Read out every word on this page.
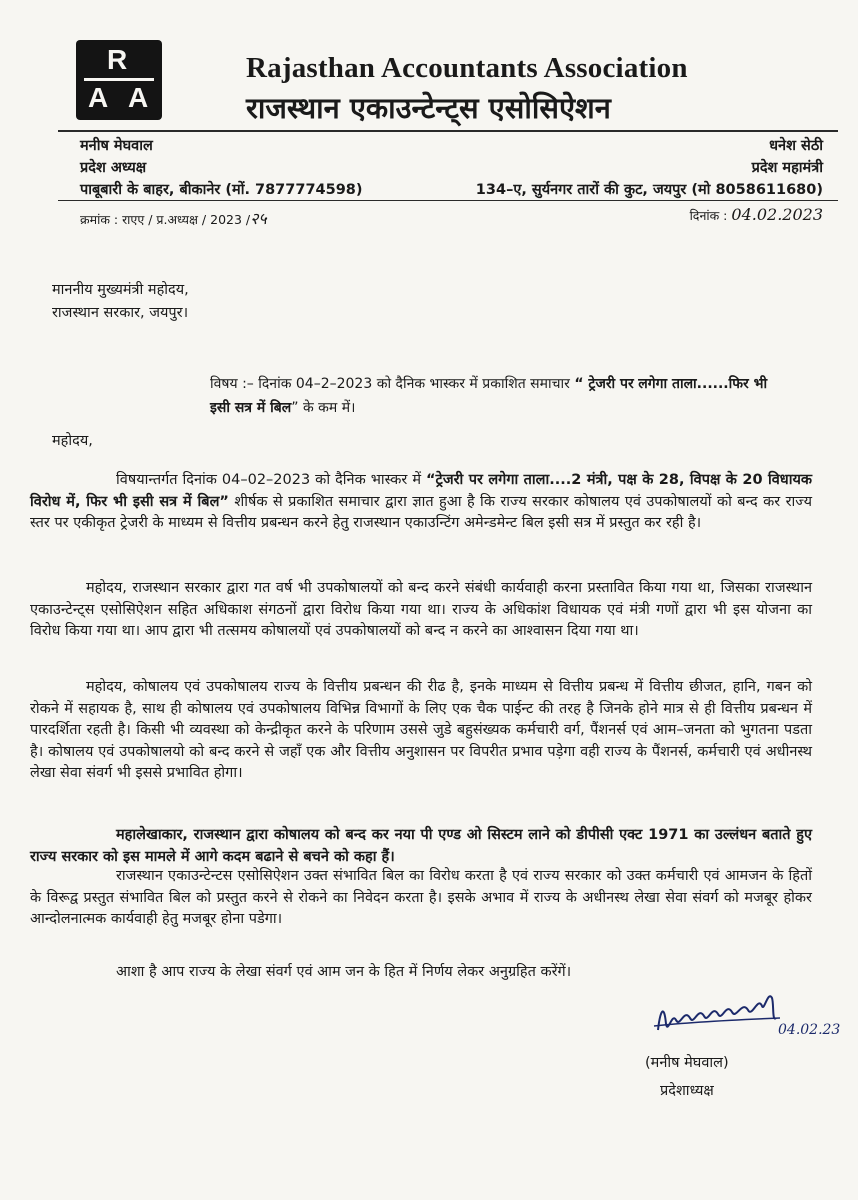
R
A A
Rajasthan Accountants Association
राजस्थान एकाउन्टेन्ट्स एसोसिऐशन
मनीष मेघवाल
प्रदेश अध्यक्ष
पाबूबारी के बाहर, बीकानेर (मों. 7877774598)
धनेश सेठी
प्रदेश महामंत्री
134–ए, सुर्यनगर तारों की कुट, जयपुर (मो 8058611680)
क्रमांक : राएए / प्र.अध्यक्ष / 2023 /२५	दिनांक : 04.02.2023
माननीय मुख्यमंत्री महोदय,
राजस्थान सरकार, जयपुर।
विषय :– दिनांक 04–2–2023 को दैनिक भास्कर में प्रकाशित समाचार “ ट्रेजरी पर लगेगा ताला......फिर भी इसी सत्र में बिल” के कम में।
महोदय,
विषयान्तर्गत दिनांक 04–02–2023 को दैनिक भास्कर में “ट्रेजरी पर लगेगा ताला....2 मंत्री, पक्ष के 28, विपक्ष के 20 विधायक विरोध में, फिर भी इसी सत्र में बिल” शीर्षक से प्रकाशित समाचार द्वारा ज्ञात हुआ है कि राज्य सरकार कोषालय एवं उपकोषालयों को बन्द कर राज्य स्तर पर एकीकृत ट्रेजरी के माध्यम से वित्तीय प्रबन्धन करने हेतु राजस्थान एकाउन्टिंग अमेन्डमेन्ट बिल इसी सत्र में प्रस्तुत कर रही है।
महोदय, राजस्थान सरकार द्वारा गत वर्ष भी उपकोषालयों को बन्द करने संबंधी कार्यवाही करना प्रस्तावित किया गया था, जिसका राजस्थान एकाउन्टेन्ट्स एसोसिऐशन सहित अधिकाश संगठनों द्वारा विरोध किया गया था। राज्य के अधिकांश विधायक एवं मंत्री गणों द्वारा भी इस योजना का विरोध किया गया था। आप द्वारा भी तत्समय कोषालयों एवं उपकोषालयों को बन्द न करने का आश्वासन दिया गया था।
महोदय, कोषालय एवं उपकोषालय राज्य के वित्तीय प्रबन्धन की रीढ है, इनके माध्यम से वित्तीय प्रबन्ध में वित्तीय छीजत, हानि, गबन को रोकने में सहायक है, साथ ही कोषालय एवं उपकोषालय विभिन्न विभागों के लिए एक चैक पाईन्ट की तरह है जिनके होने मात्र से ही वित्तीय प्रबन्धन में पारदर्शिता रहती है। किसी भी व्यवस्था को केन्द्रीकृत करने के परिणाम उससे जुडे बहुसंख्यक कर्मचारी वर्ग, पैंशनर्स एवं आम–जनता को भुगतना पडता है। कोषालय एवं उपकोषालयो को बन्द करने से जहाँ एक और वित्तीय अनुशासन पर विपरीत प्रभाव पड़ेगा वही राज्य के पैंशनर्स, कर्मचारी एवं अधीनस्थ लेखा सेवा संवर्ग भी इससे प्रभावित होगा।
महालेखाकार, राजस्थान द्वारा कोषालय को बन्द कर नया पी एण्ड ओ सिस्टम लाने को डीपीसी एक्ट 1971 का उल्लंधन बताते हुए राज्य सरकार को इस मामले में आगे कदम बढाने से बचने को कहा हैं।
राजस्थान एकाउन्टेन्टस एसोसिऐशन उक्त संभावित बिल का विरोध करता है एवं राज्य सरकार को उक्त कर्मचारी एवं आमजन के हितों के विरूद्व प्रस्तुत संभावित बिल को प्रस्तुत करने से रोकने का निवेदन करता है। इसके अभाव में राज्य के अधीनस्थ लेखा सेवा संवर्ग को मजबूर होकर आन्दोलनात्मक कार्यवाही हेतु मजबूर होना पडेगा।
आशा है आप राज्य के लेखा संवर्ग एवं आम जन के हित में निर्णय लेकर अनुग्रहित करेंगें।
04.02.23
(मनीष मेघवाल)
प्रदेशाध्यक्ष
